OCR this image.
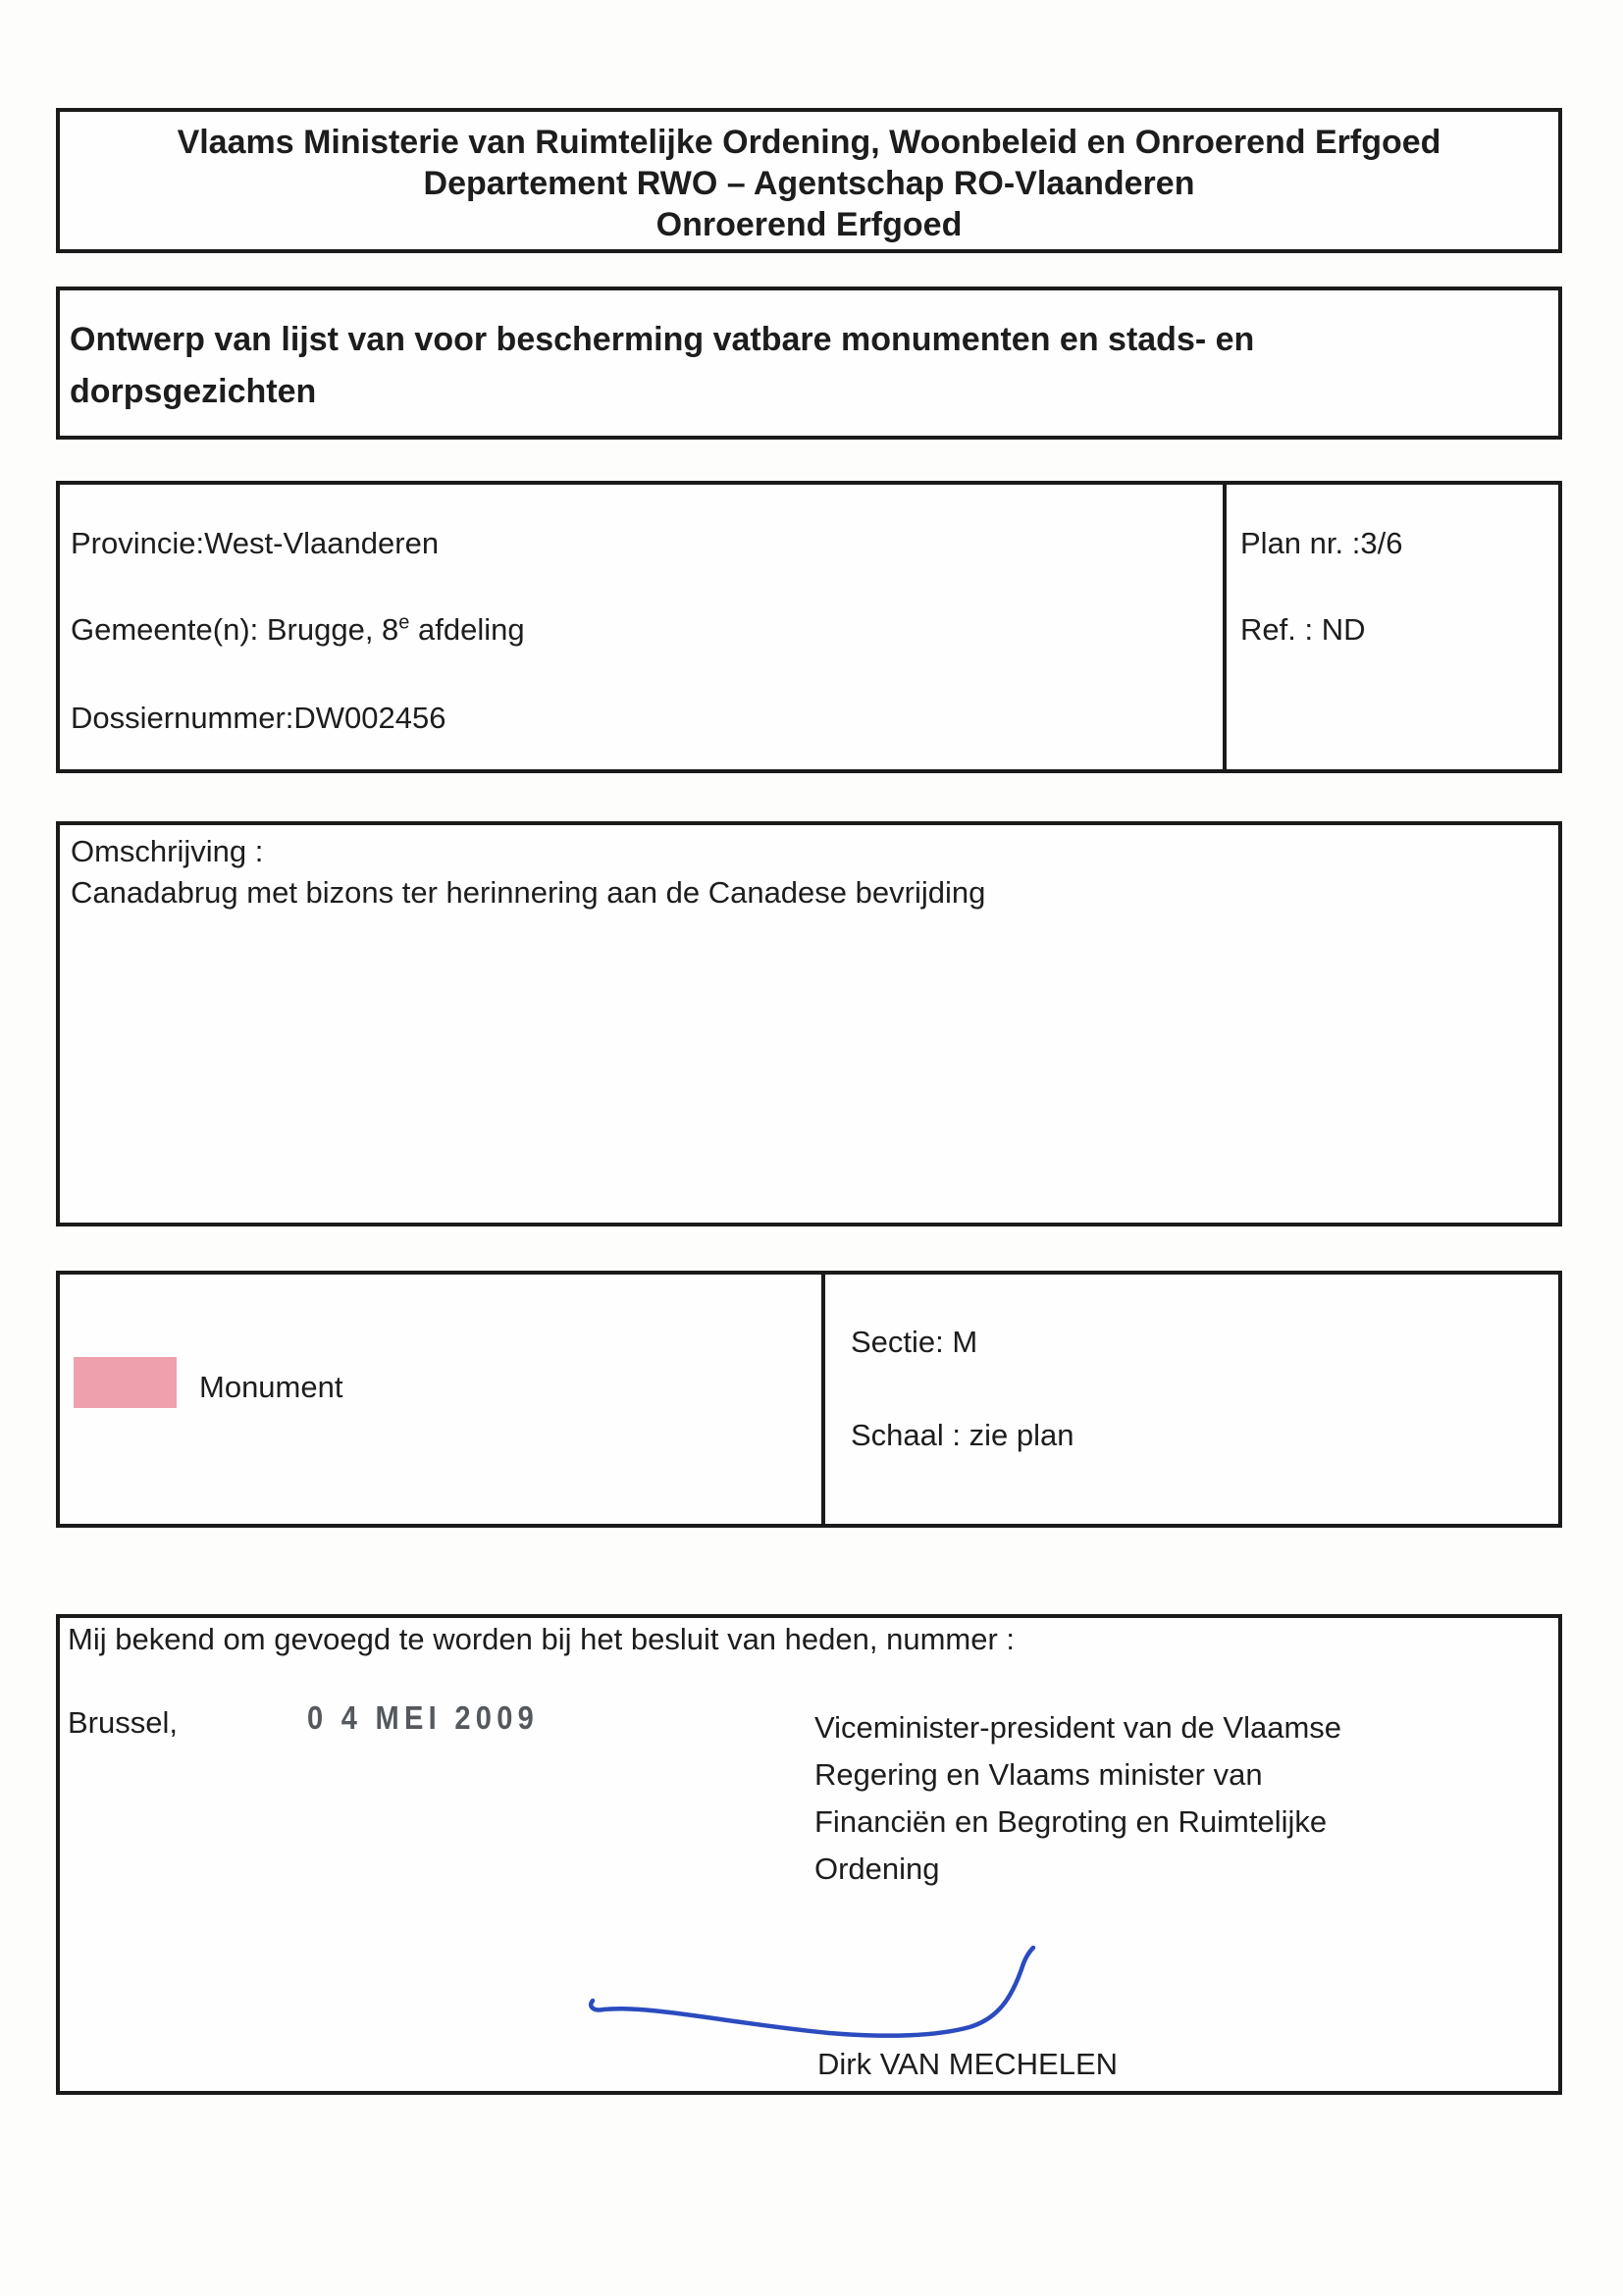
Vlaams Ministerie van Ruimtelijke Ordening, Woonbeleid en Onroerend Erfgoed
Departement RWO – Agentschap RO-Vlaanderen
Onroerend Erfgoed
Ontwerp van lijst van voor bescherming vatbare monumenten en stads- en
dorpsgezichten
Provincie:West-Vlaanderen
Gemeente(n): Brugge, 8e afdeling
Dossiernummer:DW002456
Plan nr. :3/6
Ref. : ND
Omschrijving :
Canadabrug met bizons ter herinnering aan de Canadese bevrijding
Monument
Sectie: M
Schaal : zie plan
Mij bekend om gevoegd te worden bij het besluit van heden, nummer :
Brussel,	0 4 MEI 2009	Viceminister-president van de Vlaamse
Regering en Vlaams minister van
Financiën en Begroting en Ruimtelijke
Ordening
Dirk VAN MECHELEN
